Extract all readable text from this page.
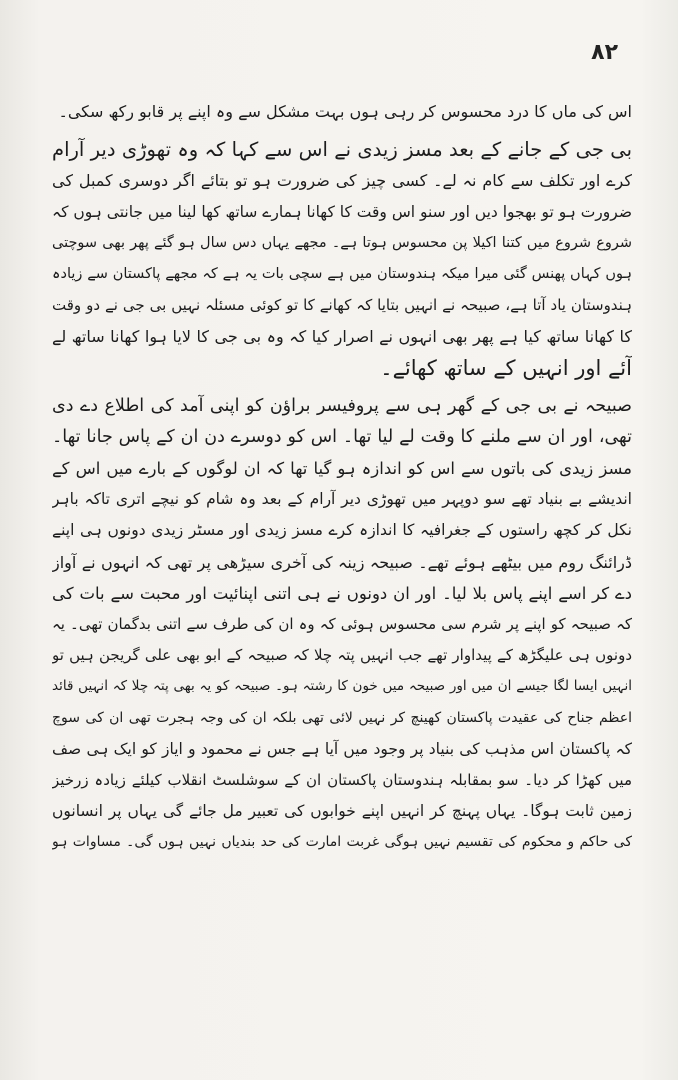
۸۲
اس کی ماں کا درد محسوس کر رہی ہوں بہت مشکل سے وہ اپنے پر قابو رکھ سکی۔
بی جی کے جانے کے بعد مسز زیدی نے اس سے کہا کہ وہ تھوڑی دیر آرام
کرے اور تکلف سے کام نہ لے۔ کسی چیز کی ضرورت ہو تو بتائے اگر دوسری کمبل کی
ضرورت ہو تو بھجوا دیں اور سنو اس وقت کا کھانا ہمارے ساتھ کھا لینا میں جانتی ہوں کہ
شروع شروع میں کتنا اکیلا پن محسوس ہوتا ہے۔ مجھے یہاں دس سال ہو گئے پھر بھی سوچتی
ہوں کہاں پھنس گئی میرا میکہ ہندوستان میں ہے سچی بات یہ ہے کہ مجھے پاکستان سے زیادہ
ہندوستان یاد آتا ہے، صبیحہ نے انہیں بتایا کہ کھانے کا تو کوئی مسئلہ نہیں بی جی نے دو وقت
کا کھانا ساتھ کیا ہے پھر بھی انہوں نے اصرار کیا کہ وہ بی جی کا لایا ہوا کھانا ساتھ لے
آئے اور انہیں کے ساتھ کھائے۔
صبیحہ نے بی جی کے گھر ہی سے پروفیسر براؤن کو اپنی آمد کی اطلاع دے دی
تھی، اور ان سے ملنے کا وقت لے لیا تھا۔ اس کو دوسرے دن ان کے پاس جانا تھا۔
مسز زیدی کی باتوں سے اس کو اندازہ ہو گیا تھا کہ ان لوگوں کے بارے میں اس کے
اندیشے بے بنیاد تھے سو دوپہر میں تھوڑی دیر آرام کے بعد وہ شام کو نیچے اتری تاکہ باہر
نکل کر کچھ راستوں کے جغرافیہ کا اندازہ کرے مسز زیدی اور مسٹر زیدی دونوں ہی اپنے
ڈرائنگ روم میں بیٹھے ہوئے تھے۔ صبیحہ زینہ کی آخری سیڑھی پر تھی کہ انہوں نے آواز
دے کر اسے اپنے پاس بلا لیا۔ اور ان دونوں نے ہی اتنی اپنائیت اور محبت سے بات کی
کہ صبیحہ کو اپنے پر شرم سی محسوس ہوئی کہ وہ ان کی طرف سے اتنی بدگمان تھی۔ یہ
دونوں ہی علیگڑھ کے پیداوار تھے جب انہیں پتہ چلا کہ صبیحہ کے ابو بھی علی گریجن ہیں تو
انہیں ایسا لگا جیسے ان میں اور صبیحہ میں خون کا رشتہ ہو۔ صبیحہ کو یہ بھی پتہ چلا کہ انہیں قائد
اعظم جناح کی عقیدت پاکستان کھینچ کر نہیں لائی تھی بلکہ ان کی وجہ ہجرت تھی ان کی سوچ
کہ پاکستان اس مذہب کی بنیاد پر وجود میں آیا ہے جس نے محمود و ایاز کو ایک ہی صف
میں کھڑا کر دیا۔ سو بمقابلہ ہندوستان پاکستان ان کے سوشلسٹ انقلاب کیلئے زیادہ زرخیز
زمین ثابت ہوگا۔ یہاں پہنچ کر انہیں اپنے خوابوں کی تعبیر مل جائے گی یہاں پر انسانوں
کی حاکم و محکوم کی تقسیم نہیں ہوگی غربت امارت کی حد بندیاں نہیں ہوں گی۔ مساوات ہو
